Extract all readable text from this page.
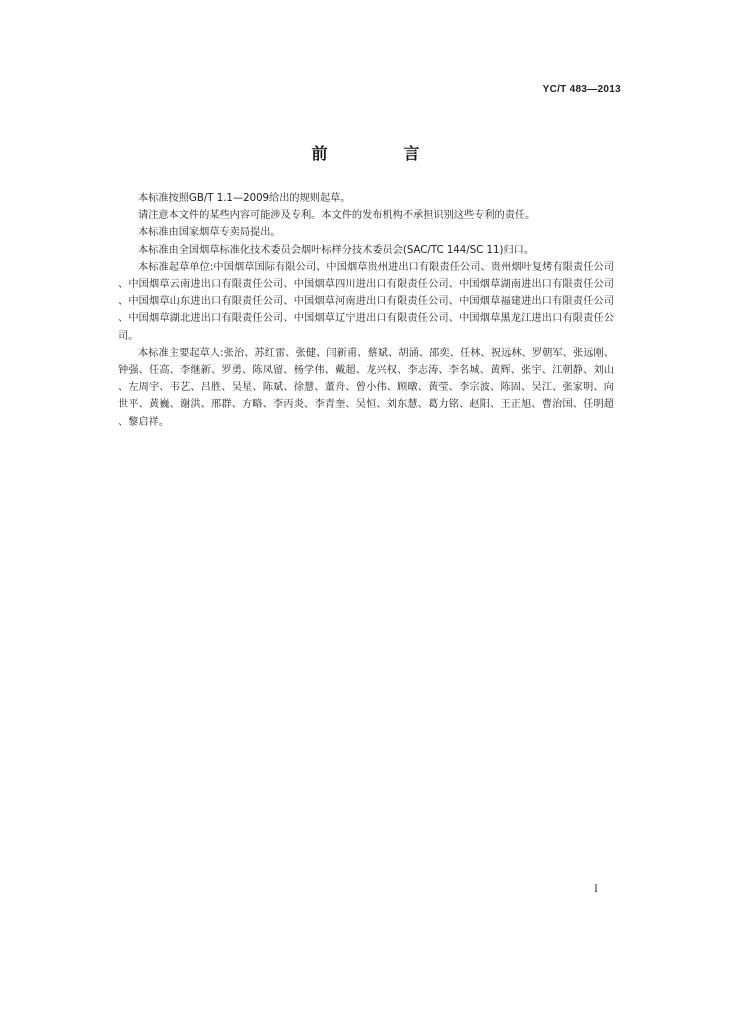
YC/T 483—2013
前　言

本标准按照GB/T 1.1—2009给出的规则起草。

请注意本文件的某些内容可能涉及专利。本文件的发布机构不承担识别这些专利的责任。

本标准由国家烟草专卖局提出。

本标准由全国烟草标准化技术委员会烟叶标样分技术委员会(SAC/TC 144/SC 11)归口。

本标准起草单位:中国烟草国际有限公司、中国烟草贵州进出口有限责任公司、贵州烟叶复烤有限责任公司、中国烟草云南进出口有限责任公司、中国烟草四川进出口有限责任公司、中国烟草湖南进出口有限责任公司、中国烟草山东进出口有限责任公司、中国烟草河南进出口有限责任公司、中国烟草福建进出口有限责任公司、中国烟草湖北进出口有限责任公司、中国烟草辽宁进出口有限责任公司、中国烟草黑龙江进出口有限责任公司。

本标准主要起草人:张治、苏红雷、张健、闫新甫、蔡斌、胡涌、邵奕、任林、祝远林、罗朝军、张远刚、钟强、任高、李继新、罗勇、陈凤留、杨学伟、戴超、龙兴权、李志涛、李名城、黄辉、张宇、江朝静、刘山、左周宇、韦艺、吕胜、吴星、陈斌、徐慧、董舟、曾小伟、顾暾、黄莹、李宗波、陈固、吴江、张家明、向世平、黄巍、谢洪、邢群、方略、李丙炎、李青奎、吴恒、刘东慧、葛力铭、赵阳、王正旭、曹治国、任明超、黎启祥。

I
